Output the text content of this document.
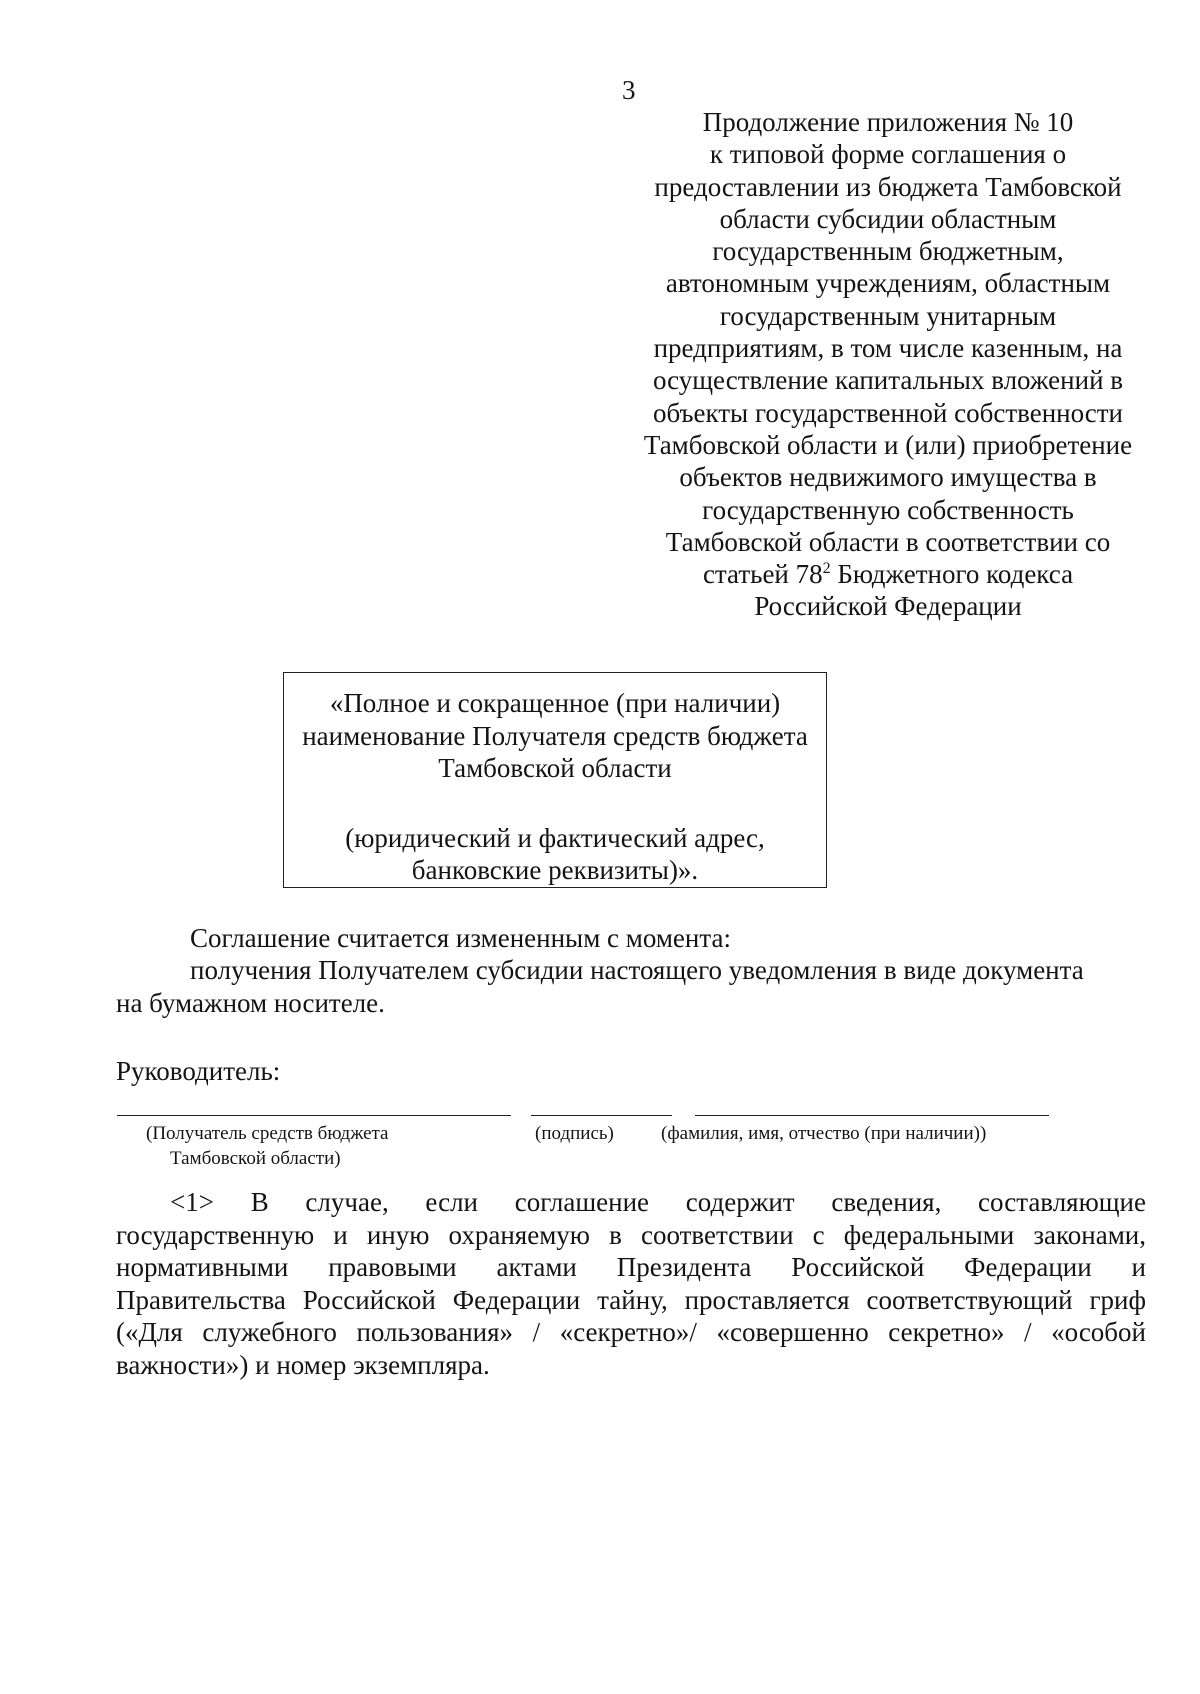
3
Продолжение приложения № 10
к типовой форме соглашения о
предоставлении из бюджета Тамбовской
области субсидии областным
государственным бюджетным,
автономным учреждениям, областным
государственным унитарным
предприятиям, в том числе казенным, на
осуществление капитальных вложений в
объекты государственной собственности
Тамбовской области и (или) приобретение
объектов недвижимого имущества в
государственную собственность
Тамбовской области в соответствии со
статьей $78^2$ Бюджетного кодекса
Российской Федерации
«Полное и сокращенное (при наличии)
наименование Получателя средств бюджета
Тамбовской области
(юридический и фактический адрес,
банковские реквизиты)».
Соглашение считается измененным с момента:
получения Получателем субсидии настоящего уведомления в виде документа
на бумажном носителе.
Руководитель:
(Получатель средств бюджета
Тамбовской области)
(подпись) (фамилия, имя, отчество (при наличии))
<1> В случае, если соглашение содержит сведения, составляющие
государственную и иную охраняемую в соответствии с федеральными законами,
нормативными правовыми актами Президента Российской Федерации и
Правительства Российской Федерации тайну, проставляется соответствующий гриф
(«Для служебного пользования» / «секретно»/ «совершенно секретно» / «особой
важности») и номер экземпляра.
